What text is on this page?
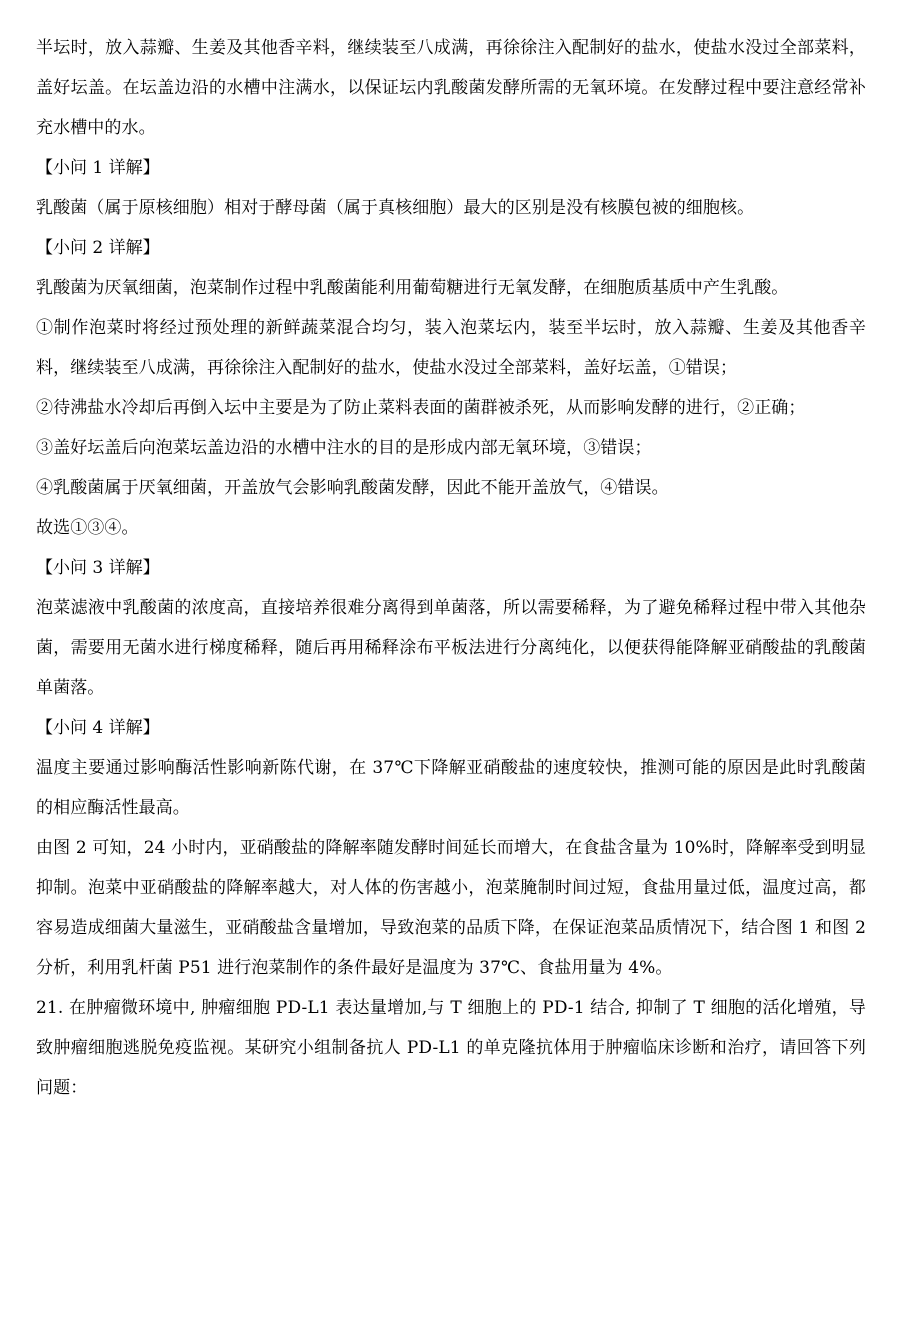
半坛时，放入蒜瓣、生姜及其他香辛料，继续装至八成满，再徐徐注入配制好的盐水，使盐水没过全部菜料，盖好坛盖。在坛盖边沿的水槽中注满水，以保证坛内乳酸菌发酵所需的无氧环境。在发酵过程中要注意经常补充水槽中的水。

【小问 1 详解】

乳酸菌（属于原核细胞）相对于酵母菌（属于真核细胞）最大的区别是没有核膜包被的细胞核。

【小问 2 详解】

乳酸菌为厌氧细菌，泡菜制作过程中乳酸菌能利用葡萄糖进行无氧发酵，在细胞质基质中产生乳酸。

①制作泡菜时将经过预处理的新鲜蔬菜混合均匀，装入泡菜坛内，装至半坛时，放入蒜瓣、生姜及其他香辛料，继续装至八成满，再徐徐注入配制好的盐水，使盐水没过全部菜料，盖好坛盖，①错误；

②待沸盐水冷却后再倒入坛中主要是为了防止菜料表面的菌群被杀死，从而影响发酵的进行，②正确；

③盖好坛盖后向泡菜坛盖边沿的水槽中注水的目的是形成内部无氧环境，③错误；

④乳酸菌属于厌氧细菌，开盖放气会影响乳酸菌发酵，因此不能开盖放气，④错误。

故选①③④。

【小问 3 详解】

泡菜滤液中乳酸菌的浓度高，直接培养很难分离得到单菌落，所以需要稀释，为了避免稀释过程中带入其他杂菌，需要用无菌水进行梯度稀释，随后再用稀释涂布平板法进行分离纯化，以便获得能降解亚硝酸盐的乳酸菌单菌落。

【小问 4 详解】

温度主要通过影响酶活性影响新陈代谢，在 37℃下降解亚硝酸盐的速度较快，推测可能的原因是此时乳酸菌的相应酶活性最高。

由图 2 可知，24 小时内，亚硝酸盐的降解率随发酵时间延长而增大，在食盐含量为 10%时，降解率受到明显抑制。泡菜中亚硝酸盐的降解率越大，对人体的伤害越小，泡菜腌制时间过短，食盐用量过低，温度过高，都容易造成细菌大量滋生，亚硝酸盐含量增加，导致泡菜的品质下降，在保证泡菜品质情况下，结合图 1 和图 2 分析，利用乳杆菌 P51 进行泡菜制作的条件最好是温度为 37℃、食盐用量为 4%。

21. 在肿瘤微环境中, 肿瘤细胞 PD-L1 表达量增加,与 T 细胞上的 PD-1 结合, 抑制了 T 细胞的活化增殖，导致肿瘤细胞逃脱免疫监视。某研究小组制备抗人 PD-L1 的单克隆抗体用于肿瘤临床诊断和治疗，请回答下列问题：
